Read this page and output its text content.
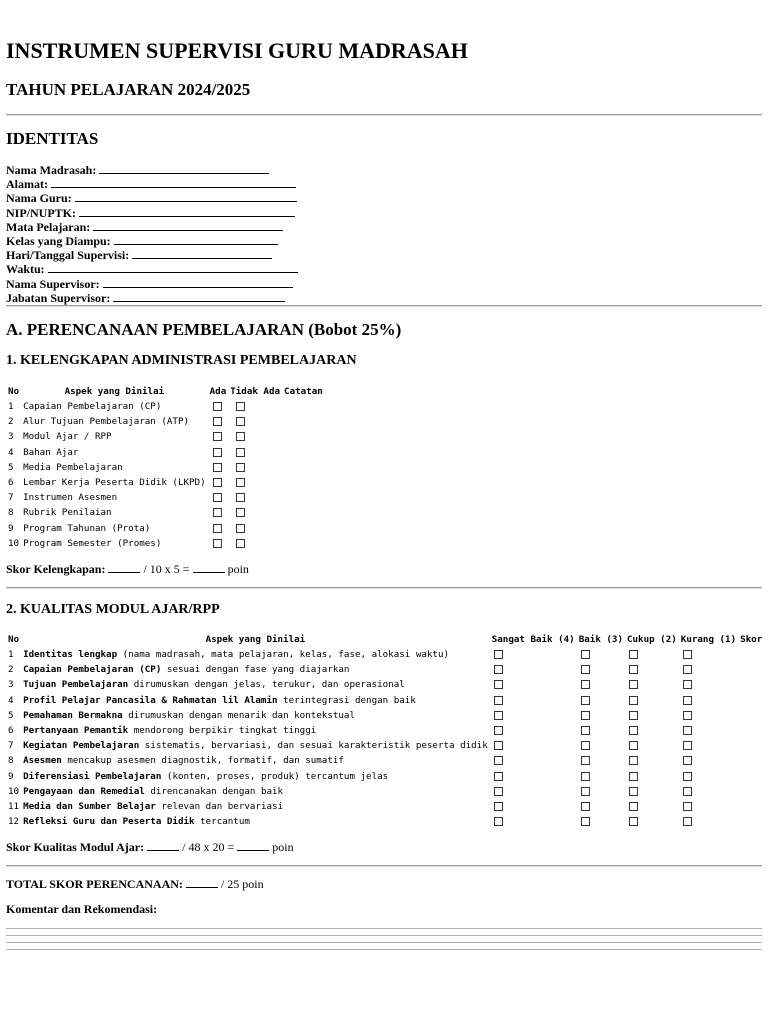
INSTRUMEN SUPERVISI GURU MADRASAH
TAHUN PELAJARAN 2024/2025
IDENTITAS
Nama Madrasah:
Alamat:
Nama Guru:
NIP/NUPTK:
Mata Pelajaran:
Kelas yang Diampu:
Hari/Tanggal Supervisi:
Waktu:
Nama Supervisor:
Jabatan Supervisor:
A. PERENCANAAN PEMBELAJARAN (Bobot 25%)
1. KELENGKAPAN ADMINISTRASI PEMBELAJARAN
No	Aspek yang Dinilai	Ada	Tidak Ada	Catatan
1	Capaian Pembelajaran (CP)			
2	Alur Tujuan Pembelajaran (ATP)			
3	Modul Ajar / RPP			
4	Bahan Ajar			
5	Media Pembelajaran			
6	Lembar Kerja Peserta Didik (LKPD)			
7	Instrumen Asesmen			
8	Rubrik Penilaian			
9	Program Tahunan (Prota)			
10	Program Semester (Promes)			
Skor Kelengkapan:	/ 10 x 5 =	poin
2. KUALITAS MODUL AJAR/RPP
No	Aspek yang Dinilai	Sangat Baik (4)	Baik (3)	Cukup (2)	Kurang (1)	Skor
1	Identitas lengkap (nama madrasah, mata pelajaran, kelas, fase, alokasi waktu)					
2	Capaian Pembelajaran (CP) sesuai dengan fase yang diajarkan					
3	Tujuan Pembelajaran dirumuskan dengan jelas, terukur, dan operasional					
4	Profil Pelajar Pancasila & Rahmatan lil Alamin terintegrasi dengan baik					
5	Pemahaman Bermakna dirumuskan dengan menarik dan kontekstual					
6	Pertanyaan Pemantik mendorong berpikir tingkat tinggi					
7	Kegiatan Pembelajaran sistematis, bervariasi, dan sesuai karakteristik peserta didik					
8	Asesmen mencakup asesmen diagnostik, formatif, dan sumatif					
9	Diferensiasi Pembelajaran (konten, proses, produk) tercantum jelas					
10	Pengayaan dan Remedial direncanakan dengan baik					
11	Media dan Sumber Belajar relevan dan bervariasi					
12	Refleksi Guru dan Peserta Didik tercantum					
Skor Kualitas Modul Ajar:	/ 48 x 20 =	poin
TOTAL SKOR PERENCANAAN:	/ 25 poin
Komentar dan Rekomendasi:
